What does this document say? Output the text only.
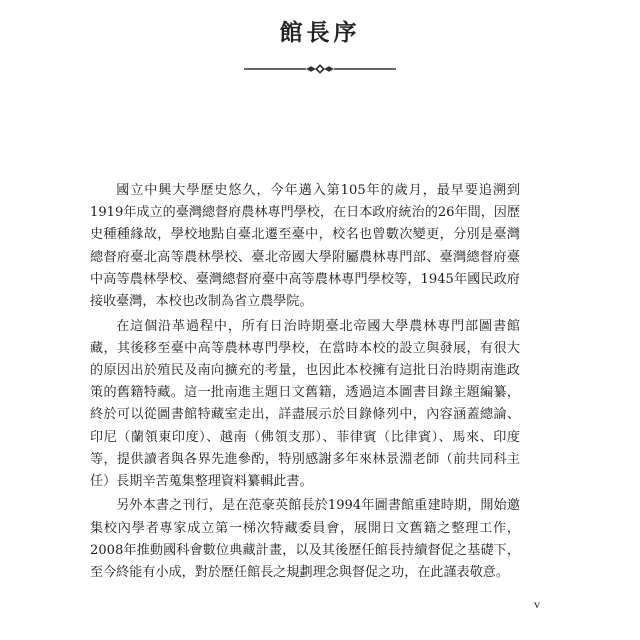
館長序

國立中興大學歷史悠久，今年邁入第105年的歲月，最早要追溯到1919年成立的臺灣總督府農林專門學校，在日本政府統治的26年間，因歷史種種緣故，學校地點自臺北遷至臺中，校名也曾數次變更，分別是臺灣總督府臺北高等農林學校、臺北帝國大學附屬農林專門部、臺灣總督府臺中高等農林學校、臺灣總督府臺中高等農林專門學校等，1945年國民政府接收臺灣，本校也改制為省立農學院。

在這個沿革過程中，所有日治時期臺北帝國大學農林專門部圖書館藏，其後移至臺中高等農林專門學校，在當時本校的設立與發展，有很大的原因出於殖民及南向擴充的考量，也因此本校擁有這批日治時期南進政策的舊籍特藏。這一批南進主題日文舊籍，透過這本圖書目錄主題編纂，終於可以從圖書館特藏室走出，詳盡展示於目錄條列中，內容涵蓋總論、印尼（蘭領東印度）、越南（佛領支那）、菲律賓（比律賓）、馬來、印度等，提供讀者與各界先進參酌，特別感謝多年來林景淵老師（前共同科主任）長期辛苦蒐集整理資料纂輯此書。

另外本書之刊行，是在范豪英館長於1994年圖書館重建時期，開始邀集校內學者專家成立第一梯次特藏委員會，展開日文舊籍之整理工作，2008年推動國科會數位典藏計畫，以及其後歷任館長持續督促之基礎下，至今終能有小成，對於歷任館長之規劃理念與督促之功，在此謹表敬意。

v
